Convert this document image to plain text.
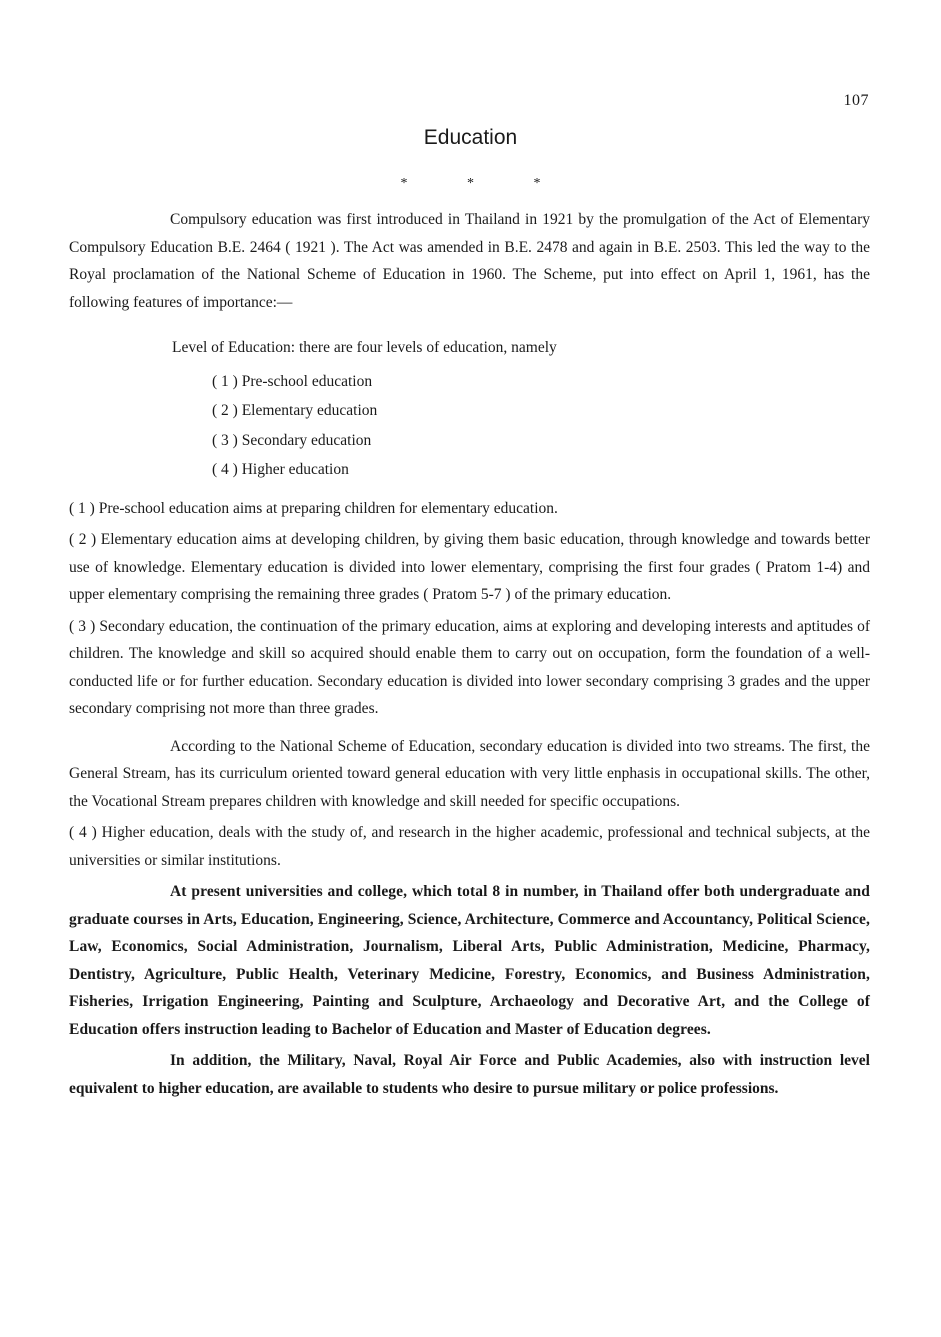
107
Education
* * *

Compulsory education was first introduced in Thailand in 1921 by the promulgation of the Act of Elementary Compulsory Education B.E. 2464 ( 1921 ). The Act was amended in B.E. 2478 and again in B.E. 2503. This led the way to the Royal proclamation of the National Scheme of Education in 1960. The Scheme, put into effect on April 1, 1961, has the following features of importance:—

Level of Education: there are four levels of education, namely

( 1 ) Pre-school education
( 2 ) Elementary education
( 3 ) Secondary education
( 4 ) Higher education

( 1 ) Pre-school education aims at preparing children for elementary education.

( 2 ) Elementary education aims at developing children, by giving them basic education, through knowledge and towards better use of knowledge. Elementary education is divided into lower elementary, comprising the first four grades ( Pratom 1-4) and upper elementary comprising the remaining three grades ( Pratom 5-7 ) of the primary education.

( 3 ) Secondary education, the continuation of the primary education, aims at exploring and developing interests and aptitudes of children. The knowledge and skill so acquired should enable them to carry out on occupation, form the foundation of a well-conducted life or for further education. Secondary education is divided into lower secondary comprising 3 grades and the upper secondary comprising not more than three grades.

According to the National Scheme of Education, secondary education is divided into two streams. The first, the General Stream, has its curriculum oriented toward general education with very little enphasis in occupational skills. The other, the Vocational Stream prepares children with knowledge and skill needed for specific occupations.

( 4 ) Higher education, deals with the study of, and research in the higher academic, professional and technical subjects, at the universities or similar institutions.

At present universities and college, which total 8 in number, in Thailand offer both undergraduate and graduate courses in Arts, Education, Engineering, Science, Architecture, Commerce and Accountancy, Political Science, Law, Economics, Social Administration, Journalism, Liberal Arts, Public Administration, Medicine, Pharmacy, Dentistry, Agriculture, Public Health, Veterinary Medicine, Forestry, Economics, and Business Administration, Fisheries, Irrigation Engineering, Painting and Sculpture, Archaeology and Decorative Art, and the College of Education offers instruction leading to Bachelor of Education and Master of Education degrees.

In addition, the Military, Naval, Royal Air Force and Public Academies, also with instruction level equivalent to higher education, are available to students who desire to pursue military or police professions.
